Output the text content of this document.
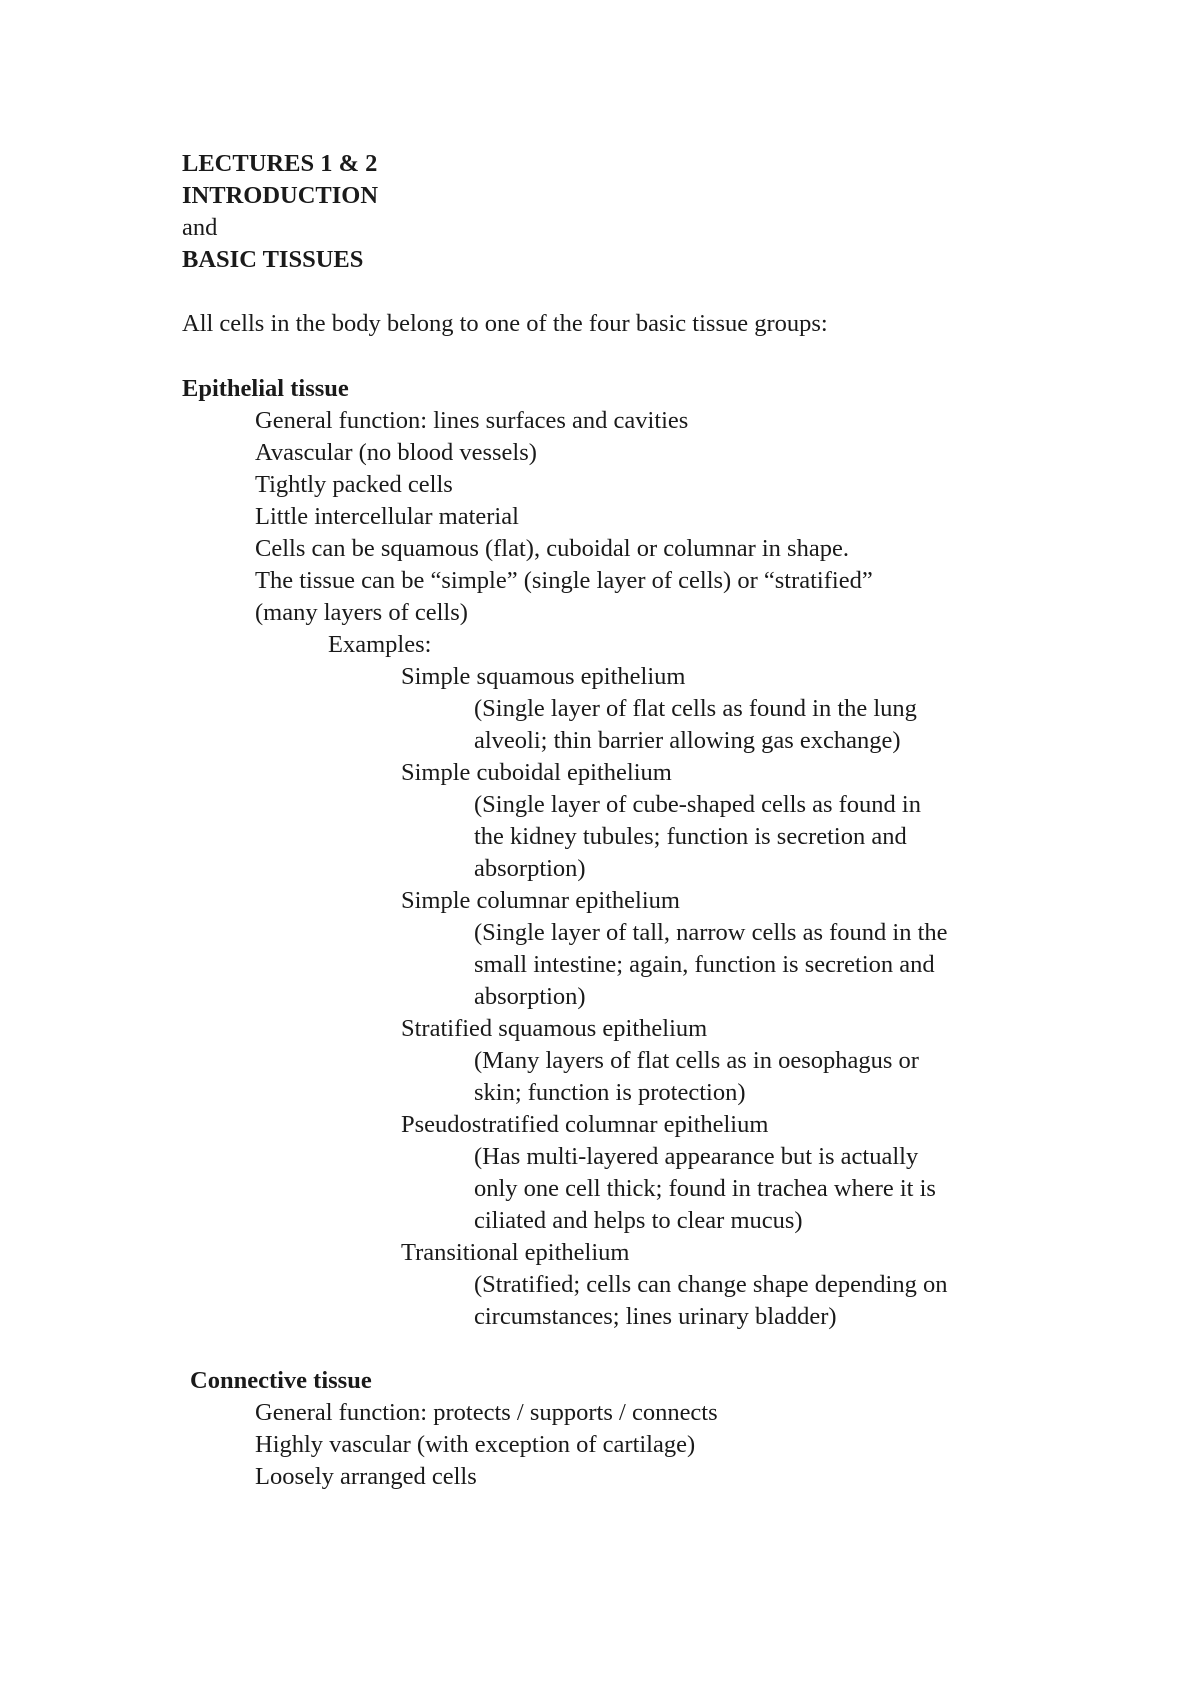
LECTURES 1 & 2

INTRODUCTION

and

BASIC TISSUES

All cells in the body belong to one of the four basic tissue groups:

Epithelial tissue

General function: lines surfaces and cavities

Avascular (no blood vessels)

Tightly packed cells

Little intercellular material

Cells can be squamous (flat), cuboidal or columnar in shape.

The tissue can be “simple” (single layer of cells) or “stratified”

(many layers of cells)

Examples:

Simple squamous epithelium

(Single layer of flat cells as found in the lung

alveoli; thin barrier allowing gas exchange)

Simple cuboidal epithelium

(Single layer of cube-shaped cells as found in

the kidney tubules; function is secretion and

absorption)

Simple columnar epithelium

(Single layer of tall, narrow cells as found in the

small intestine; again, function is secretion and

absorption)

Stratified squamous epithelium

(Many layers of flat cells as in oesophagus or

skin; function is protection)

Pseudostratified columnar epithelium

(Has multi-layered appearance but is actually

only one cell thick; found in trachea where it is

ciliated and helps to clear mucus)

Transitional epithelium

(Stratified; cells can change shape depending on

circumstances; lines urinary bladder)

Connective tissue

General function: protects / supports / connects

Highly vascular (with exception of cartilage)

Loosely arranged cells
